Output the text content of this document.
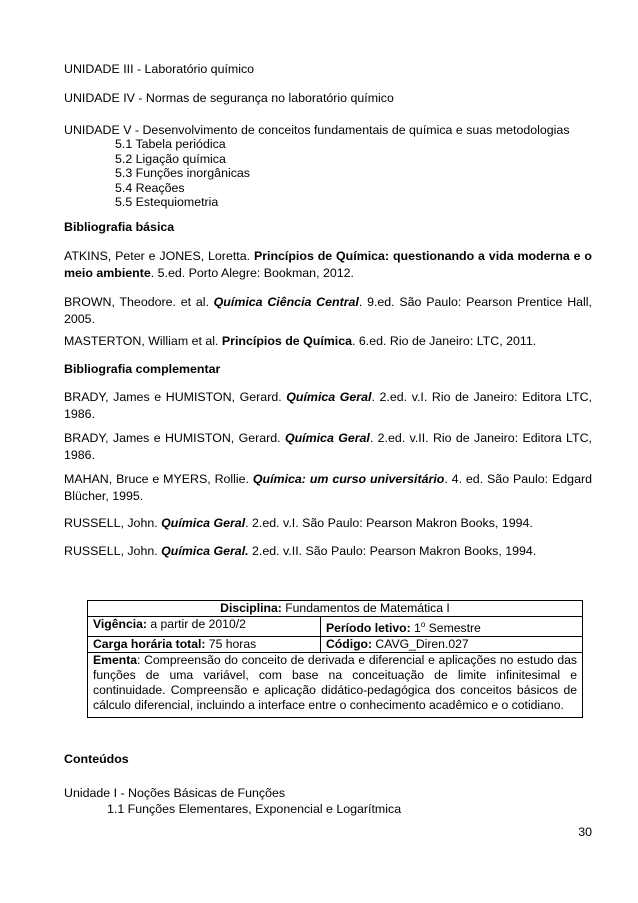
UNIDADE III - Laboratório químico
UNIDADE IV - Normas de segurança no laboratório químico
UNIDADE V - Desenvolvimento de conceitos fundamentais de química e suas metodologias
5.1 Tabela periódica
5.2 Ligação química
5.3 Funções inorgânicas
5.4 Reações
5.5 Estequiometria
Bibliografia básica
ATKINS, Peter e JONES, Loretta. Princípios de Química: questionando a vida moderna e o meio ambiente. 5.ed. Porto Alegre: Bookman, 2012.
BROWN, Theodore. et al. Química Ciência Central. 9.ed. São Paulo: Pearson Prentice Hall, 2005.
MASTERTON, William et al. Princípios de Química. 6.ed. Rio de Janeiro: LTC, 2011.
Bibliografia complementar
BRADY, James e HUMISTON, Gerard. Química Geral. 2.ed. v.I. Rio de Janeiro: Editora LTC, 1986.
BRADY, James e HUMISTON, Gerard. Química Geral. 2.ed. v.II. Rio de Janeiro: Editora LTC, 1986.
MAHAN, Bruce e MYERS, Rollie. Química: um curso universitário. 4. ed. São Paulo: Edgard Blücher, 1995.
RUSSELL, John. Química Geral. 2.ed. v.I. São Paulo: Pearson Makron Books, 1994.
RUSSELL, John. Química Geral. 2.ed. v.II. São Paulo: Pearson Makron Books, 1994.
Disciplina: Fundamentos de Matemática I	
Vigência: a partir de 2010/2	Período letivo: 1$^o$ Semestre
Carga horária total: 75 horas	Código: CAVG_Diren.027
Ementa: Compreensão do conceito de derivada e diferencial e aplicações no estudo das funções de uma variável, com base na conceituação de limite infinitesimal e continuidade. Compreensão e aplicação didático-pedagógica dos conceitos básicos de cálculo diferencial, incluindo a interface entre o conhecimento acadêmico e o cotidiano.	
Conteúdos
Unidade I - Noções Básicas de Funções
1.1 Funções Elementares, Exponencial e Logarítmica
30
